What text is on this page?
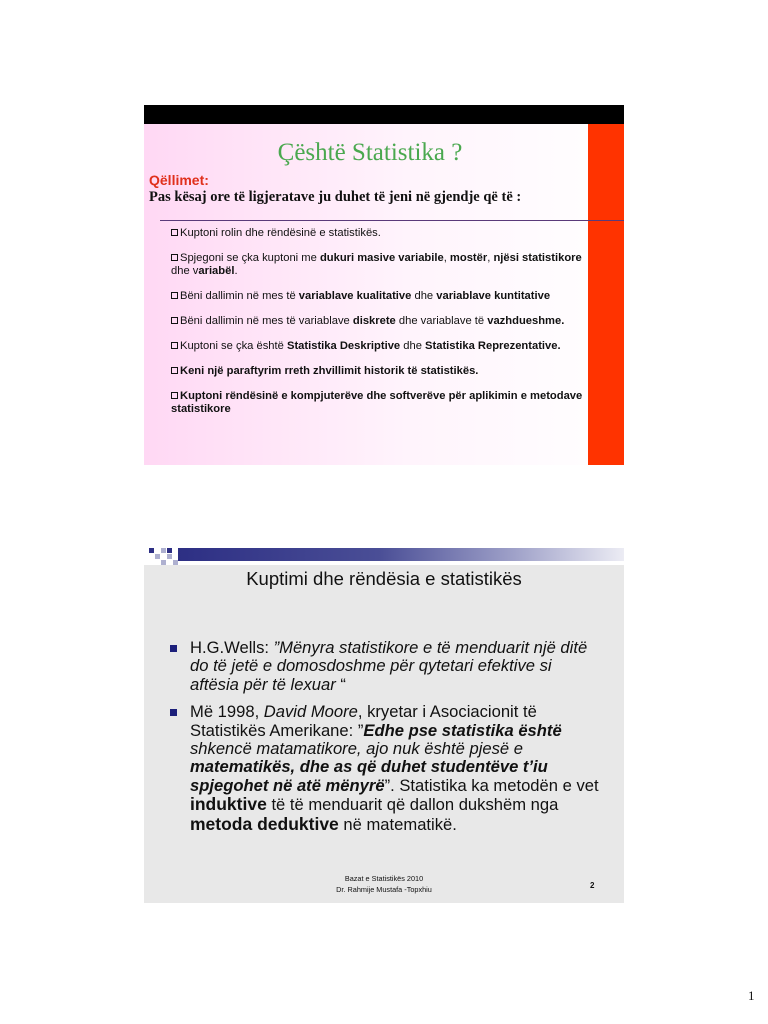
Çështë Statistika ?
Qëllimet:
Pas kësaj ore të ligjeratave ju duhet të jeni në gjendje që të :
Kuptoni rolin dhe rëndësinë e statistikës.
Spjegoni se çka kuptoni me dukuri masive variabile, mostër, njësi statistikore dhe variabël.
Bëni dallimin në mes të variablave kualitative dhe variablave kuntitative
Bëni dallimin në mes të variablave diskrete dhe variablave të vazhdueshme.
Kuptoni se çka është Statistika Deskriptive dhe Statistika Reprezentative.
Keni një paraftyrim rreth zhvillimit historik të statistikës.
Kuptoni rëndësinë e kompjuterëve dhe softverëve për aplikimin e metodave statistikore
Kuptimi dhe rëndësia e statistikës
H.G.Wells: ”Mënyra statistikore e të menduarit një ditë do të jetë e domosdoshme për qytetari efektive si aftësia për të lexuar “
Më 1998, David Moore, kryetar i Asociacionit të Statistikës Amerikane: ”Edhe pse statistika është shkencë matamatikore, ajo nuk është pjesë e matematikës, dhe as që duhet studentëve t’iu spjegohet në atë mënyrë”. Statistika ka metodën e vet induktive të të menduarit që dallon dukshëm nga metoda deduktive në matematikë.
Bazat e Statistikës 2010
Dr. Rahmije Mustafa -Topxhiu	2
1
